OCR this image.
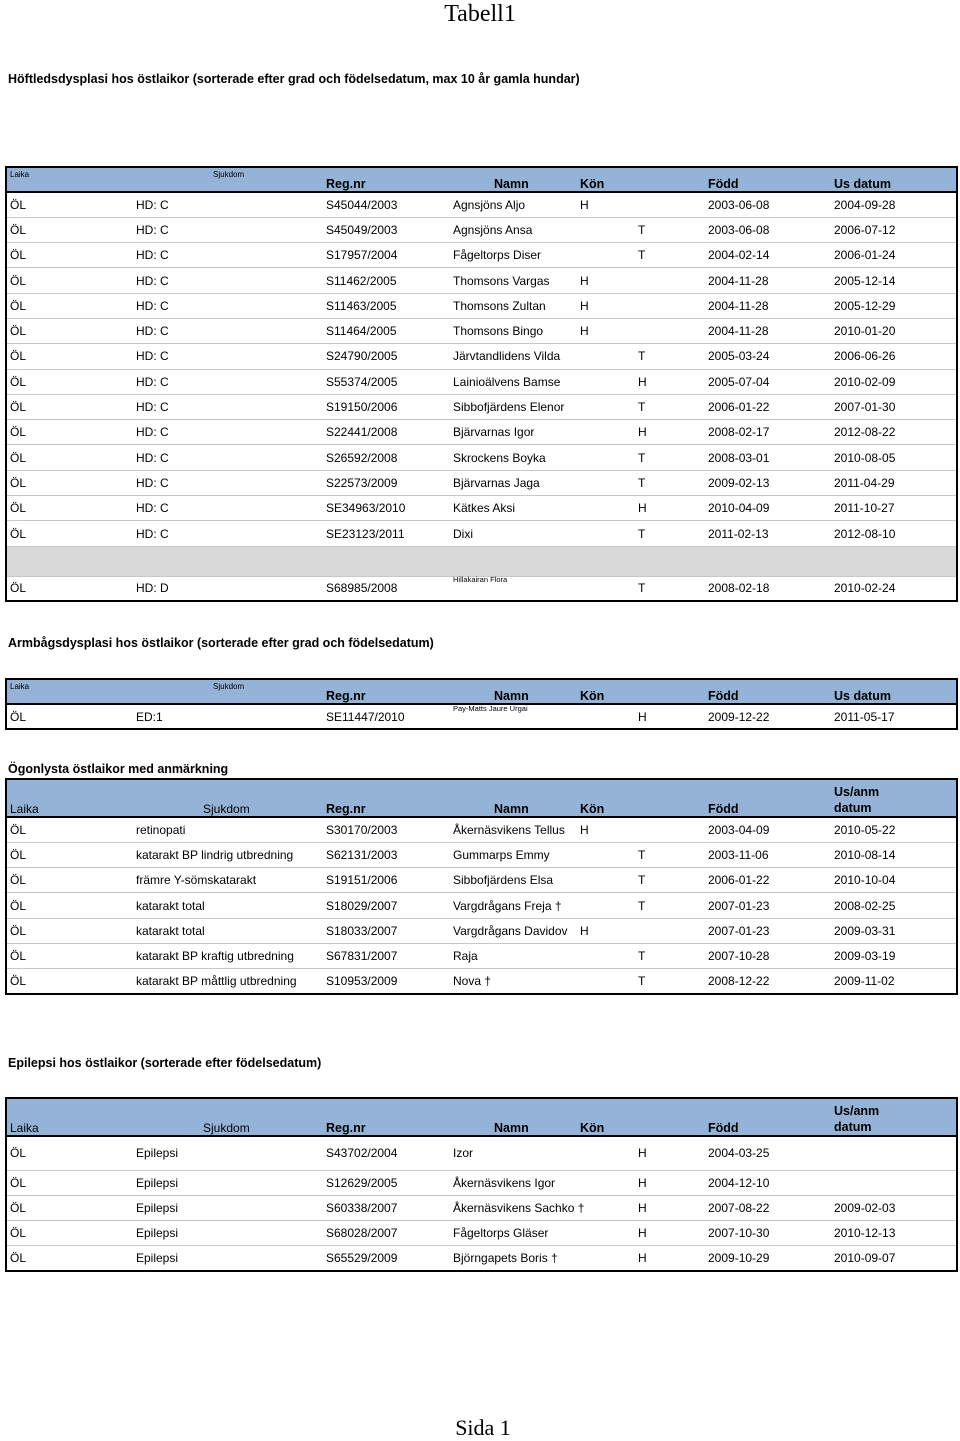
Tabell1
Höftledsdysplasi hos östlaikor (sorterade efter grad och födelsedatum, max 10 år gamla hundar)
Laika	Sjukdom	Reg.nr	Namn	Kön		Född	Us datum
ÖL	HD: C	S45044/2003	Agnsjöns Aljo	H		2003-06-08	2004-09-28
ÖL	HD: C	S45049/2003	Agnsjöns Ansa		T	2003-06-08	2006-07-12
ÖL	HD: C	S17957/2004	Fågeltorps Diser		T	2004-02-14	2006-01-24
ÖL	HD: C	S11462/2005	Thomsons Vargas	H		2004-11-28	2005-12-14
ÖL	HD: C	S11463/2005	Thomsons Zultan	H		2004-11-28	2005-12-29
ÖL	HD: C	S11464/2005	Thomsons Bingo	H		2004-11-28	2010-01-20
ÖL	HD: C	S24790/2005	Järvtandlidens Vilda		T	2005-03-24	2006-06-26
ÖL	HD: C	S55374/2005	Lainioälvens Bamse		H	2005-07-04	2010-02-09
ÖL	HD: C	S19150/2006	Sibbofjärdens Elenor		T	2006-01-22	2007-01-30
ÖL	HD: C	S22441/2008	Bjärvarnas Igor		H	2008-02-17	2012-08-22
ÖL	HD: C	S26592/2008	Skrockens Boyka		T	2008-03-01	2010-08-05
ÖL	HD: C	S22573/2009	Bjärvarnas Jaga		T	2009-02-13	2011-04-29
ÖL	HD: C	SE34963/2010	Kätkes Aksi		H	2010-04-09	2011-10-27
ÖL	HD: C	SE23123/2011	Dixi		T	2011-02-13	2012-08-10

ÖL	HD: D	S68985/2008	Hillakairan Flora		T	2008-02-18	2010-02-24
Armbågsdysplasi hos östlaikor (sorterade efter grad och födelsedatum)
Laika	Sjukdom	Reg.nr	Namn	Kön		Född	Us datum
ÖL	ED:1	SE11447/2010	Pay-Matts Jaure Urgai		H	2009-12-22	2011-05-17
Ögonlysta östlaikor med anmärkning
Laika	Sjukdom	Reg.nr	Namn	Kön		Född	Us/anm
datum

ÖL	retinopati	S30170/2003	Åkernäsvikens Tellus	H		2003-04-09	2010-05-22
ÖL	katarakt BP lindrig utbredning	S62131/2003	Gummarps Emmy		T	2003-11-06	2010-08-14
ÖL	främre Y-sömskatarakt	S19151/2006	Sibbofjärdens Elsa		T	2006-01-22	2010-10-04
ÖL	katarakt total	S18029/2007	Vargdrågans Freja †		T	2007-01-23	2008-02-25
ÖL	katarakt total	S18033/2007	Vargdrågans Davidov	H		2007-01-23	2009-03-31
ÖL	katarakt BP kraftig utbredning	S67831/2007	Raja		T	2007-10-28	2009-03-19
ÖL	katarakt BP måttlig utbredning	S10953/2009	Nova †		T	2008-12-22	2009-11-02
Epilepsi hos östlaikor (sorterade efter födelsedatum)
Laika	Sjukdom	Reg.nr	Namn	Kön		Född	Us/anm
datum

ÖL	Epilepsi	S43702/2004	Izor		H	2004-03-25	
ÖL	Epilepsi	S12629/2005	Åkernäsvikens Igor		H	2004-12-10	
ÖL	Epilepsi	S60338/2007	Åkernäsvikens Sachko †		H	2007-08-22	2009-02-03
ÖL	Epilepsi	S68028/2007	Fågeltorps Gläser		H	2007-10-30	2010-12-13
ÖL	Epilepsi	S65529/2009	Björngapets Boris †		H	2009-10-29	2010-09-07
Sida 1
